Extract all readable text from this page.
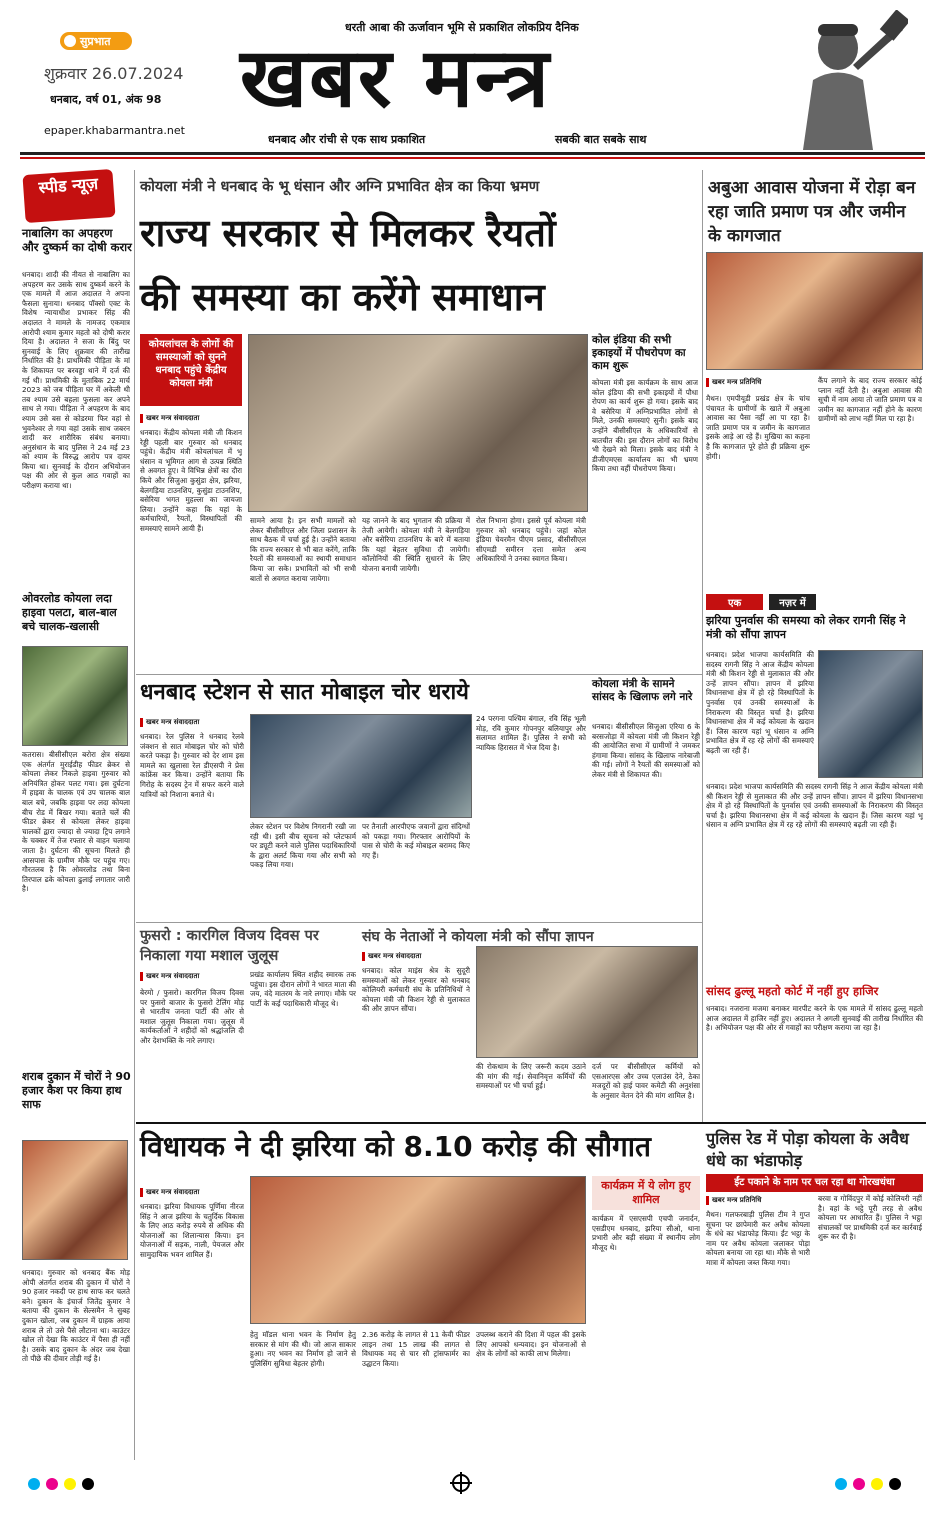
सुप्रभात
धरती आबा की ऊर्जावान भूमि से प्रकाशित लोकप्रिय दैनिक
खबर मन्त्र
शुक्रवार 26.07.2024
धनबाद, वर्ष 01, अंक 98
epaper.khabarmantra.net
धनबाद और रांची से एक साथ प्रकाशित	सबकी बात सबके साथ
स्पीड न्यूज़
नाबालिग का अपहरण और दुष्कर्म का दोषी करार
धनबाद। शादी की नीयत से नाबालिग का अपहरण कर उसके साथ दुष्कर्म करने के एक मामले में आज अदालत ने अपना फैसला सुनाया। धनबाद पॉक्सो एक्ट के विशेष न्यायाधीश प्रभाकर सिंह की अदालत ने मामले के नामजद एकमात्र आरोपी श्याम कुमार महतो को दोषी करार दिया है। अदालत ने सजा के बिंदु पर सुनवाई के लिए शुक्रवार की तारीख निर्धारित की है। प्राथमिकी पीड़िता के मां के शिकायत पर बरवड्डा थाने में दर्ज की गई थी। प्राथमिकी के मुताबिक 22 मार्च 2023 को जब पीड़िता घर में अकेली थी तब श्याम उसे बहला फुसला कर अपने साथ ले गया। पीड़िता ने अपहरण के बाद श्याम उसे बस से कोडरमा फिर वहां से भुवनेश्वर ले गया वहां उसके साथ जबरन शादी कर शारीरिक संबंध बनाया। अनुसंधान के बाद पुलिस ने 24 मई 23 को श्याम के विरुद्ध आरोप पत्र दायर किया था। सुनवाई के दौरान अभियोजन पक्ष की ओर से कुल आठ गवाहों का परीक्षण कराया था।
ओवरलोड कोयला लदा हाइवा पलटा, बाल-बाल बचे चालक-खलासी
कतरास। बीसीसीएल बरोरा क्षेत्र संख्या एक अंतर्गत मुराईडीह फीडर ब्रेकर से कोयला लेकर निकले हाइवा गुरुवार को अनियंत्रित होकर पलट गया। इस दुर्घटना में हाइवा के चालक एवं उप चालक बाल बाल बचे, जबकि हाइवा पर लदा कोयला बीच रोड में बिखर गया। बताते चलें की फीडर ब्रेकर से कोयला लेकर हाइवा चालकों द्वारा ज्यादा से ज्यादा ट्रिप लगाने के चक्कर में तेज रफ्तार से वाहन चलाया जाता है। दुर्घटना की सूचना मिलते ही आसपास के ग्रामीण मौके पर पहुंच गए। गौरतलब है कि ओवरलोड तथा बिना तिरपाल ढके कोयला ढुलाई लगातार जारी है।
शराब दुकान में चोरों ने 90 हजार कैश पर किया हाथ साफ
धनबाद। गुरुवार को धनबाद बैंक मोड़ ओपी अंतर्गत शराब की दुकान में चोरों ने 90 हजार नकदी पर हाथ साफ कर चलते बने। दुकान के इंचार्ज जितेंद्र कुमार ने बताया की दुकान के सेल्समैन ने सुबह दुकान खोला, जब दुकान में ग्राहक आया शराब ले तो उसे पैसे लौटाना था। काउंटर खोल तो देखा कि काउंटर में पैसा ही नहीं है। उसके बाद दुकान के अंदर जब देखा तो पीछे की दीवार तोड़ी गई है।
कोयला मंत्री ने धनबाद के भू धंसान और अग्नि प्रभावित क्षेत्र का किया भ्रमण
राज्य सरकार से मिलकर रैयतों
की समस्या का करेंगे समाधान
कोयलांचल के लोगों की समस्याओं को सुनने धनबाद पहुंचे केंद्रीय कोयला मंत्री
खबर मन्त्र संवाददाता
धनबाद। केंद्रीय कोयला मंत्री जी किशन रेड्डी पहली बार गुरुवार को धनबाद पहुंचे। केंद्रीय मंत्री कोयलांचल में भू धंसान व भूमिगत आग से उत्पन्न स्थिति से अवगत हुए। वे विभिन्न क्षेत्रों का दौरा किये और सिजुआ कुसुंडा क्षेत्र, झरिया, बेलगड़िया टाउनशिप, कुसुंडा टाउनशिप, बसेरिया भगत मुहल्ला का जायजा लिया। उन्होंने कहा कि यहां के कर्मचारियों, रैयतों, विस्थापितों की समस्याएं सामने आयी हैं।
सामने आया है। इन सभी मामलों को लेकर बीसीसीएल और जिला प्रशासन के साथ बैठक में चर्चा हुई है। उन्होंने बताया कि राज्य सरकार से भी बात करेंगे, ताकि रैयतों की समस्याओं का स्थायी समाधान किया जा सके। प्रभावितों को भी सभी बातों से अवगत कराया जायेगा।
यह जानने के बाद भुगतान की प्रक्रिया में तेजी आयेगी। कोयला मंत्री ने बेलगड़िया और बसेरिया टाउनशिप के बारे में बताया कि यहां बेहतर सुविधा दी जायेगी। कॉलोनियों की स्थिति सुधारने के लिए योजना बनायी जायेगी।
रोल निभाना होगा। इससे पूर्व कोयला मंत्री गुरुवार को धनबाद पहुंचे। जहां कोल इंडिया चेयरमैन पीएम प्रसाद, बीसीसीएल सीएमडी समीरन दत्ता समेत अन्य अधिकारियों ने उनका स्वागत किया।
कोल इंडिया की सभी इकाइयों में पौधरोपण का काम शुरू
कोयला मंत्री इस कार्यक्रम के साथ आज कोल इंडिया की सभी इकाइयों में पौधा रोपण का कार्य शुरू हो गया। इसके बाद वे बसेरिया में अग्निप्रभावित लोगों से मिले, उनकी समस्याएं सुनी। इसके बाद उन्होंने बीसीसीएल के अधिकारियों से बातचीत की। इस दौरान लोगों का विरोध भी देखने को मिला। इसके बाद मंत्री ने डीजीएमएस कार्यालय का भी भ्रमण किया तथा वहीं पौधरोपण किया।
अबुआ आवास योजना में रोड़ा बन रहा जाति प्रमाण पत्र और जमीन के कागजात
खबर मन्त्र प्रतिनिधि
मैथन। एमपीयूडी प्रखंड क्षेत्र के चांच पंचायत के ग्रामीणों के खाते में अबुआ आवास का पैसा नहीं आ पा रहा है। जाति प्रमाण पत्र व जमीन के कागजात इसके आड़े आ रहे हैं। मुखिया का कहना है कि कागजात पूरे होते ही प्रक्रिया शुरू होगी।
कैंप लगाने के बाद राज्य सरकार कोई प्लान नहीं देती है। अबुआ आवास की सूची में नाम आया तो जाति प्रमाण पत्र व जमीन का कागजात नहीं होने के कारण ग्रामीणों को लाभ नहीं मिल पा रहा है।
एक	नज़र में
झरिया पुनर्वास की समस्या को लेकर रागनी सिंह ने मंत्री को सौंपा ज्ञापन
धनबाद। प्रदेश भाजपा कार्यसमिति की सदस्य रागनी सिंह ने आज केंद्रीय कोयला मंत्री श्री किशन रेड्डी से मुलाकात की और उन्हें ज्ञापन सौंपा। ज्ञापन में झरिया विधानसभा क्षेत्र में हो रहे विस्थापितों के पुनर्वास एवं उनकी समस्याओं के निराकरण की विस्तृत चर्चा है। झरिया विधानसभा क्षेत्र में कई कोयला के खदान हैं। जिस कारण यहां भू धंसान व अग्नि प्रभावित क्षेत्र में रह रहे लोगों की समस्याएं बढ़ती जा रही हैं।
धनबाद। प्रदेश भाजपा कार्यसमिति की सदस्य रागनी सिंह ने आज केंद्रीय कोयला मंत्री श्री किशन रेड्डी से मुलाकात की और उन्हें ज्ञापन सौंपा। ज्ञापन में झरिया विधानसभा क्षेत्र में हो रहे विस्थापितों के पुनर्वास एवं उनकी समस्याओं के निराकरण की विस्तृत चर्चा है। झरिया विधानसभा क्षेत्र में कई कोयला के खदान हैं। जिस कारण यहां भू धंसान व अग्नि प्रभावित क्षेत्र में रह रहे लोगों की समस्याएं बढ़ती जा रही हैं।
धनबाद स्टेशन से सात मोबाइल चोर धराये
खबर मन्त्र संवाददाता
धनबाद। रेल पुलिस ने धनबाद रेलवे जंक्शन से सात मोबाइल चोर को चोरी करते पकड़ा है। गुरुवार को देर शाम इस मामले का खुलासा रेल डीएसपी ने प्रेस कांफ्रेंस कर किया। उन्होंने बताया कि गिरोह के सदस्य ट्रेन में सफर करने वाले यात्रियों को निशाना बनाते थे।
लेकर स्टेशन पर विशेष निगरानी रखी जा रही थी। इसी बीच सूचना को प्लेटफार्म पर ड्यूटी करने वाले पुलिस पदाधिकारियों के द्वारा अलर्ट किया गया और सभी को पकड़ लिया गया।
पर तैनाती आरपीएफ जवानों द्वारा संदिग्धों को पकड़ा गया। गिरफ्तार आरोपियों के पास से चोरी के कई मोबाइल बरामद किए गए हैं।
24 परगना पश्चिम बंगाल, रवि सिंह भूली मोड़, रवि कुमार गोपनपुर बलियापुर और सलामत शामिल हैं। पुलिस ने सभी को न्यायिक हिरासत में भेज दिया है।
कोयला मंत्री के सामने सांसद के खिलाफ लगे नारे
धनबाद। बीसीसीएल सिजुआ एरिया 6 के बरसजोड़ा में कोयला मंत्री जी किशन रेड्डी की आयोजित सभा में ग्रामीणों ने जमकर हंगामा किया। सांसद के खिलाफ नारेबाजी की गई। लोगों ने रैयतों की समस्याओं को लेकर मंत्री से शिकायत की।
फुसरो : कारगिल विजय दिवस पर निकाला गया मशाल जुलूस
खबर मन्त्र संवाददाता
बेरमो / फुसरो। कारगिल विजय दिवस पर फुसरो बाजार के फुसरो टेलिंग मोड़ से भारतीय जनता पार्टी की ओर से मशाल जुलूस निकाला गया। जुलूस में कार्यकर्ताओं ने शहीदों को श्रद्धांजलि दी और देशभक्ति के नारे लगाए।
प्रखंड कार्यालय स्थित शहीद स्मारक तक पहुंचा। इस दौरान लोगों ने भारत माता की जय, वंदे मातरम के नारे लगाए। मौके पर पार्टी के कई पदाधिकारी मौजूद थे।
संघ के नेताओं ने कोयला मंत्री को सौंपा ज्ञापन
खबर मन्त्र संवाददाता
धनबाद। कोल माइंस श्रेत्र के सुदूरी समस्याओं को लेकर गुरुवार को धनबाद कोलियरी कर्मचारी संघ के प्रतिनिधियों ने कोयला मंत्री जी किशन रेड्डी से मुलाकात की और ज्ञापन सौंपा।
की रोकथाम के लिए जरूरी कदम उठाने की मांग की गई। सेवानिवृत्त कर्मियों की समस्याओं पर भी चर्चा हुई।
दर्ज पर बीसीसीएल कर्मियों को एसआरएस और उच्च एलाउंस देने, ठेका मजदूरों को हाई पावर कमेटी की अनुशंसा के अनुसार वेतन देने की मांग शामिल है।
सांसद ढुल्लू महतो कोर्ट में नहीं हुए हाजिर
धनबाद। नजराना मजमा बनाकर मारपीट करने के एक मामले में सांसद ढुल्लू महतो आज अदालत में हाजिर नहीं हुए। अदालत ने अगली सुनवाई की तारीख निर्धारित की है। अभियोजन पक्ष की ओर से गवाहों का परीक्षण कराया जा रहा है।
विधायक ने दी झरिया को 8.10 करोड़ की सौगात
खबर मन्त्र संवाददाता
धनबाद। झरिया विधायक पूर्णिमा नीरज सिंह ने आज झरिया के चतुर्दिक विकास के लिए आठ करोड़ रुपये से अधिक की योजनाओं का शिलान्यास किया। इन योजनाओं में सड़क, नाली, पेयजल और सामुदायिक भवन शामिल हैं।
हेतु मॉडल थाना भवन के निर्माण हेतु सरकार से मांग की थी। जो आज साकार हुआ। नए भवन का निर्माण हो जाने से पुलिसिंग सुविधा बेहतर होगी।
2.36 करोड़ के लागत से 11 केवी फीडर लाइन तथा 15 लाख की लागत से विधायक मद से चार सौ ट्रांसफार्मर का उद्घाटन किया।
उपलब्ध कराने की दिशा में पहल की इसके लिए आपको धन्यवाद। इन योजनाओं से क्षेत्र के लोगों को काफी लाभ मिलेगा।
कार्यक्रम में ये लोग हुए शामिल
कार्यक्रम में एसएसपी एचपी जनार्दन, एसडीएम धनबाद, झरिया सीओ, थाना प्रभारी और बड़ी संख्या में स्थानीय लोग मौजूद थे।
पुलिस रेड में पोड़ा कोयला के अवैध धंधे का भंडाफोड़
ईंट पकाने के नाम पर चल रहा था गोरखधंधा
खबर मन्त्र प्रतिनिधि
मैथन। गलफरबाड़ी पुलिस टीम ने गुप्त सूचना पर छापेमारी कर अवैध कोयला के धंधे का भंडाफोड़ किया। ईंट भट्ठा के नाम पर अवैध कोयला जलाकर पोड़ा कोयला बनाया जा रहा था। मौके से भारी मात्रा में कोयला जब्त किया गया।
बरवा व गोविंदपुर में कोई कोलियरी नहीं है। वहां के भट्ठे पूरी तरह से अवैध कोयला पर आधारित हैं। पुलिस ने भट्ठा संचालकों पर प्राथमिकी दर्ज कर कार्रवाई शुरू कर दी है।
